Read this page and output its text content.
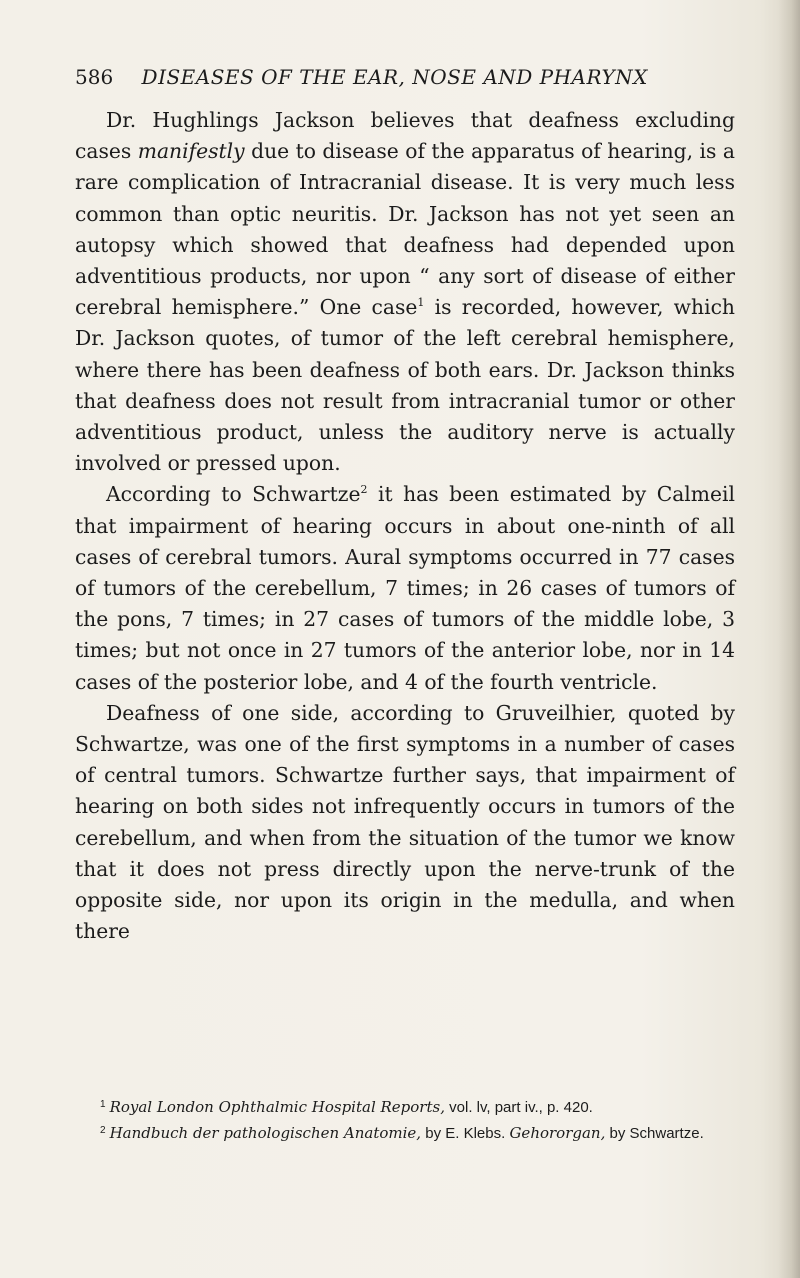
586 DISEASES OF THE EAR, NOSE AND PHARYNX

Dr. Hughlings Jackson believes that deafness excluding cases manifestly due to disease of the apparatus of hearing, is a rare complication of Intracranial disease. It is very much less common than optic neuritis. Dr. Jackson has not yet seen an autopsy which showed that deafness had depended upon adventitious products, nor upon “ any sort of disease of either cerebral hemisphere.” One case$^1$ is recorded, however, which Dr. Jackson quotes, of tumor of the left cerebral hemisphere, where there has been deafness of both ears. Dr. Jackson thinks that deafness does not result from intracranial tumor or other adventitious product, unless the auditory nerve is actually involved or pressed upon.

According to Schwartze$^2$ it has been estimated by Calmeil that impairment of hearing occurs in about one-ninth of all cases of cerebral tumors. Aural symptoms occurred in 77 cases of tumors of the cerebellum, 7 times; in 26 cases of tumors of the pons, 7 times; in 27 cases of tumors of the middle lobe, 3 times; but not once in 27 tumors of the anterior lobe, nor in 14 cases of the posterior lobe, and 4 of the fourth ventricle.

Deafness of one side, according to Gruveilhier, quoted by Schwartze, was one of the first symptoms in a number of cases of central tumors. Schwartze further says, that impairment of hearing on both sides not infrequently occurs in tumors of the cerebellum, and when from the situation of the tumor we know that it does not press directly upon the nerve-trunk of the opposite side, nor upon its origin in the medulla, and when there

$^1$ Royal London Ophthalmic Hospital Reports, vol. lv, part iv., p. 420.

$^2$ Handbuch der pathologischen Anatomie, by E. Klebs. Gehororgan, by Schwartze.
